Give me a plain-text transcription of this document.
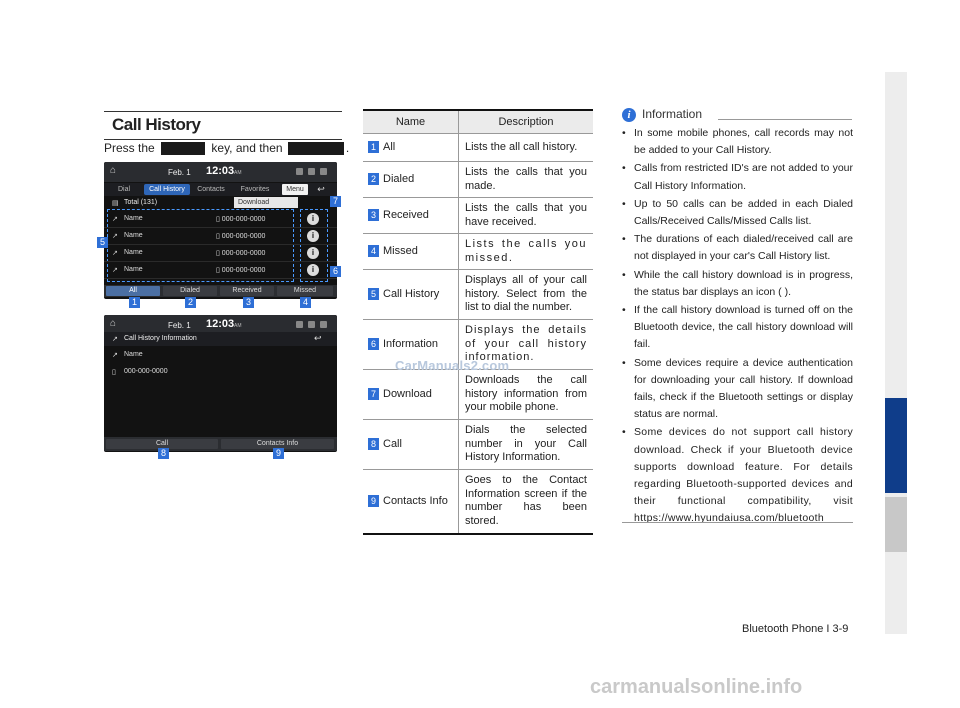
Call History
Press the	key, and then	.
⌂	Feb. 1 12:03 AM
Dial	Call History	Contacts	Favorites	Menu	↩
▤ Total (131)	Download
↗ Name	▯ 000-000-0000	i
↗ Name	▯ 000-000-0000	i
↗ Name	▯ 000-000-0000	i
↗ Name	▯ 000-000-0000	i
All	Dialed	Received	Missed
1	2	3	4
5
6
7
⌂	Feb. 1 12:03 AM
↗ Call History Information	↩
↗ Name
▯ 000-000-0000
Call	Contacts Info
8	9
Name	Description
1 All	Lists the all call history.
2 Dialed	Lists the calls that you made.
3 Received	Lists the calls that you have received.
4 Missed	Lists the calls you missed.
5 Call History	Displays all of your call history. Select from the list to dial the number.
6 Information	Displays the details of your call history information.
7 Download	Downloads the call history information from your mobile phone.
8 Call	Dials the selected number in your Call History Information.
9 Contacts Info	Goes to the Contact Information screen if the number has been stored.
i Information
• In some mobile phones, call records may not be added to your Call History.
• Calls from restricted ID's are not added to your Call History Information.
• Up to 50 calls can be added in each Dialed Calls/Received Calls/Missed Calls list.
• The durations of each dialed/received call are not displayed in your car's Call History list.
• While the call history download is in progress, the status bar displays an icon ( ).
• If the call history download is turned off on the Bluetooth device, the call history download will fail.
• Some devices require a device authentication for downloading your call history. If download fails, check if the Bluetooth settings or display status are normal.
• Some devices do not support call history download. Check if your Bluetooth device supports download feature. For details regarding Bluetooth-supported devices and their functional compatibility, visit https://www.hyundaiusa.com/bluetooth
Bluetooth Phone I 3-9
CarManuals2.com
carmanualsonline.info
